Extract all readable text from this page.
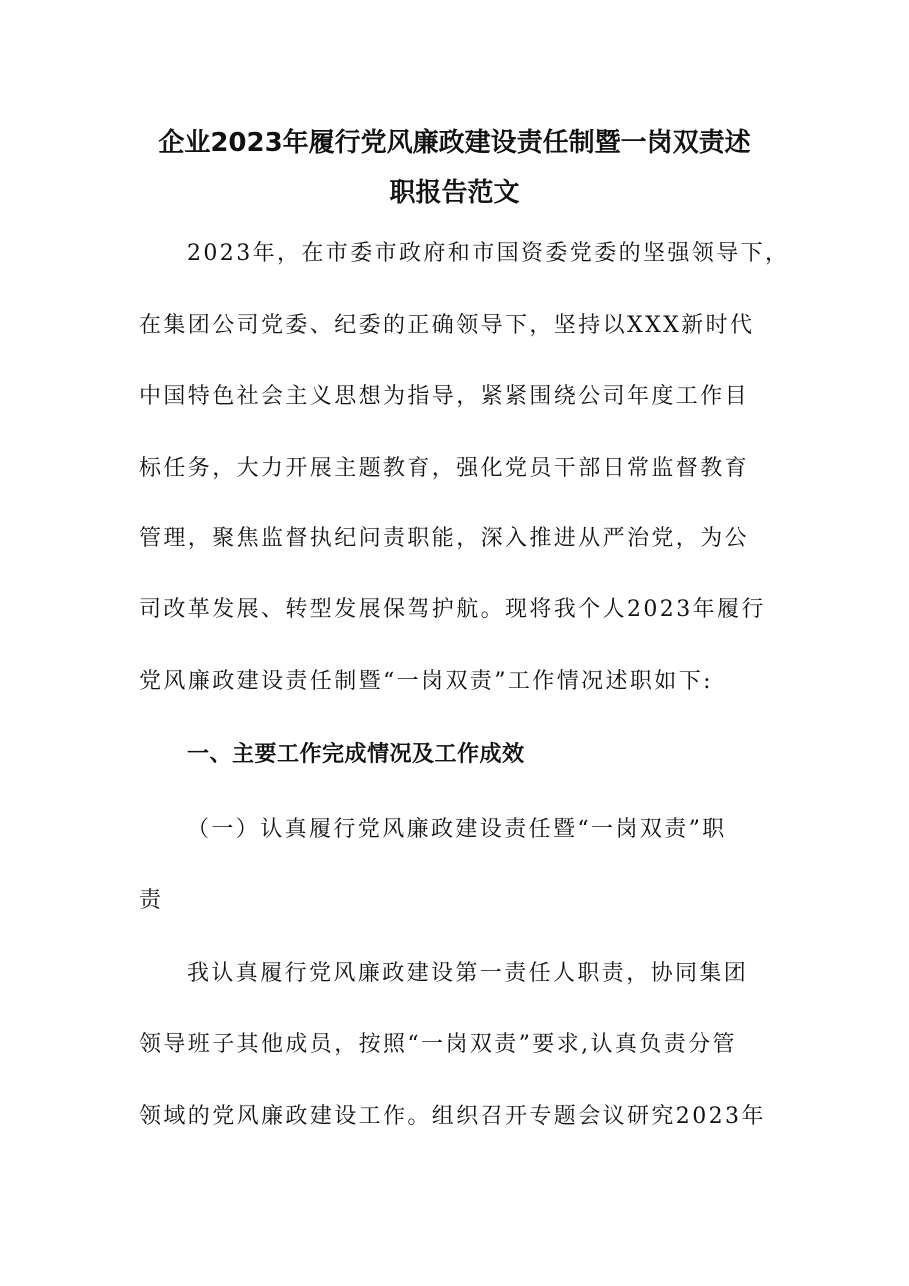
企业2023年履行党风廉政建设责任制暨一岗双责述
职报告范文
2023年，在市委市政府和市国资委党委的坚强领导下，
在集团公司党委、纪委的正确领导下，坚持以XXX新时代
中国特色社会主义思想为指导，紧紧围绕公司年度工作目
标任务，大力开展主题教育，强化党员干部日常监督教育
管理，聚焦监督执纪问责职能，深入推进从严治党，为公
司改革发展、转型发展保驾护航。现将我个人2023年履行
党风廉政建设责任制暨“一岗双责”工作情况述职如下:
一、主要工作完成情况及工作成效
（一）认真履行党风廉政建设责任暨“一岗双责”职
责
我认真履行党风廉政建设第一责任人职责，协同集团
领导班子其他成员，按照“一岗双责”要求,认真负责分管
领域的党风廉政建设工作。组织召开专题会议研究2023年
